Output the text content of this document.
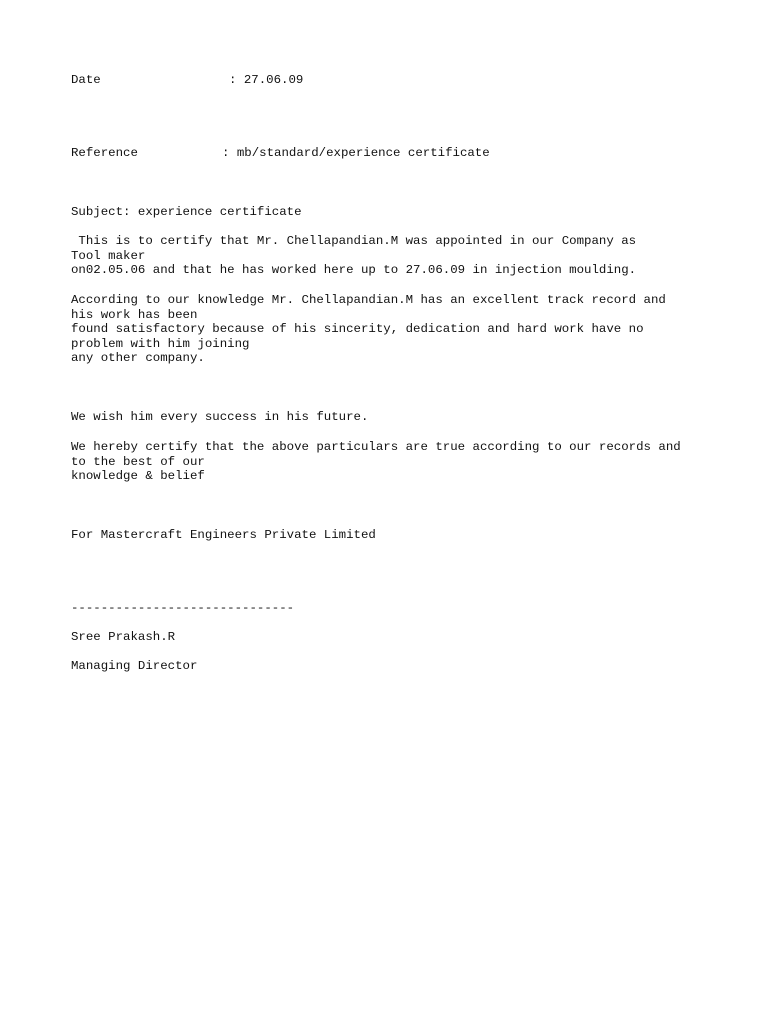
Date	: 27.06.09
Reference	: mb/standard/experience certificate
Subject: experience certificate
This is to certify that Mr. Chellapandian.M was appointed in our Company as
Tool maker
on02.05.06 and that he has worked here up to 27.06.09 in injection moulding.
According to our knowledge Mr. Chellapandian.M has an excellent track record and
his work has been
found satisfactory because of his sincerity, dedication and hard work have no
problem with him joining
any other company.
We wish him every success in his future.
We hereby certify that the above particulars are true according to our records and
to the best of our
knowledge & belief
For Mastercraft Engineers Private Limited
------------------------------
Sree Prakash.R
Managing Director
